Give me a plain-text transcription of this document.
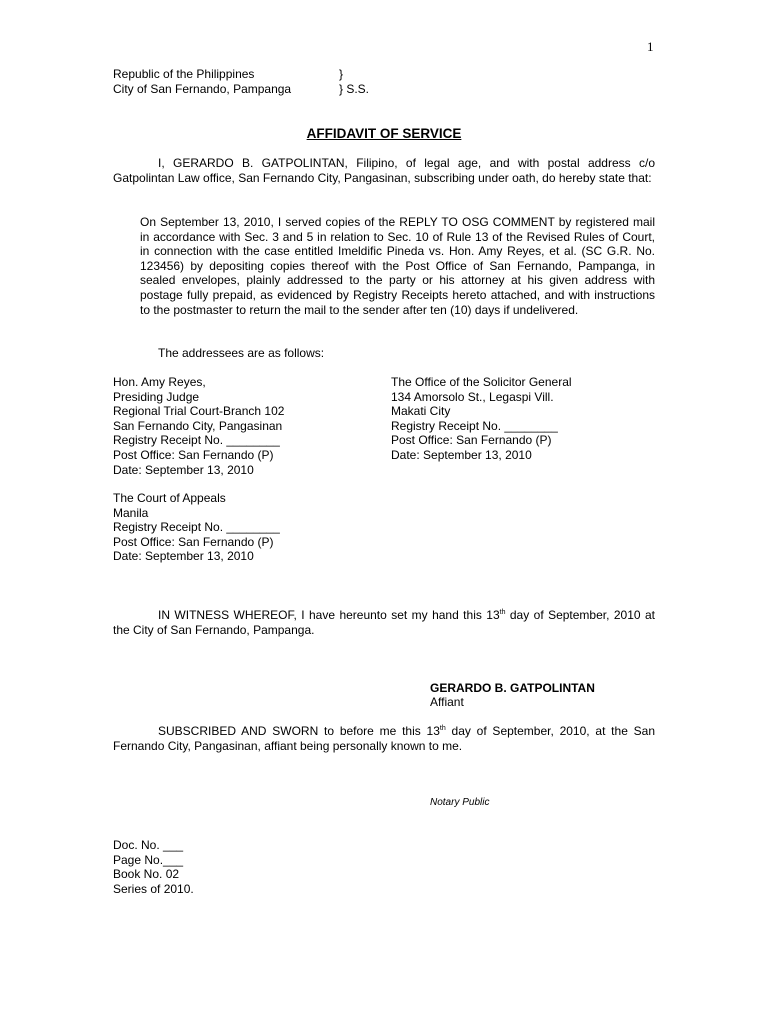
1
Republic of the Philippines	}
City of San Fernando, Pampanga	} S.S.
AFFIDAVIT OF SERVICE
I, GERARDO B. GATPOLINTAN, Filipino, of legal age, and with postal address c/o Gatpolintan Law office, San Fernando City, Pangasinan, subscribing under oath, do hereby state that:
On September 13, 2010, I served copies of the REPLY TO OSG COMMENT by registered mail in accordance with Sec. 3 and 5 in relation to Sec. 10 of Rule 13 of the Revised Rules of Court, in connection with the case entitled Imeldific Pineda vs. Hon. Amy Reyes, et al. (SC G.R. No. 123456) by depositing copies thereof with the Post Office of San Fernando, Pampanga, in sealed envelopes, plainly addressed to the party or his attorney at his given address with postage fully prepaid, as evidenced by Registry Receipts hereto attached, and with instructions to the postmaster to return the mail to the sender after ten (10) days if undelivered.
The addressees are as follows:
Hon. Amy Reyes,
Presiding Judge
Regional Trial Court-Branch 102
San Fernando City, Pangasinan
Registry Receipt No. ________
Post Office: San Fernando (P)
Date: September 13, 2010
The Office of the Solicitor General
134 Amorsolo St., Legaspi Vill.
Makati City
Registry Receipt No. ________
Post Office: San Fernando (P)
Date: September 13, 2010
The Court of Appeals
Manila
Registry Receipt No. ________
Post Office: San Fernando (P)
Date: September 13, 2010
IN WITNESS WHEREOF, I have hereunto set my hand this 13th day of September, 2010 at the City of San Fernando, Pampanga.
GERARDO B. GATPOLINTAN
Affiant
SUBSCRIBED AND SWORN to before me this 13th day of September, 2010, at the San Fernando City, Pangasinan, affiant being personally known to me.
Notary Public
Doc. No. ___
Page No.___
Book No. 02
Series of 2010.
